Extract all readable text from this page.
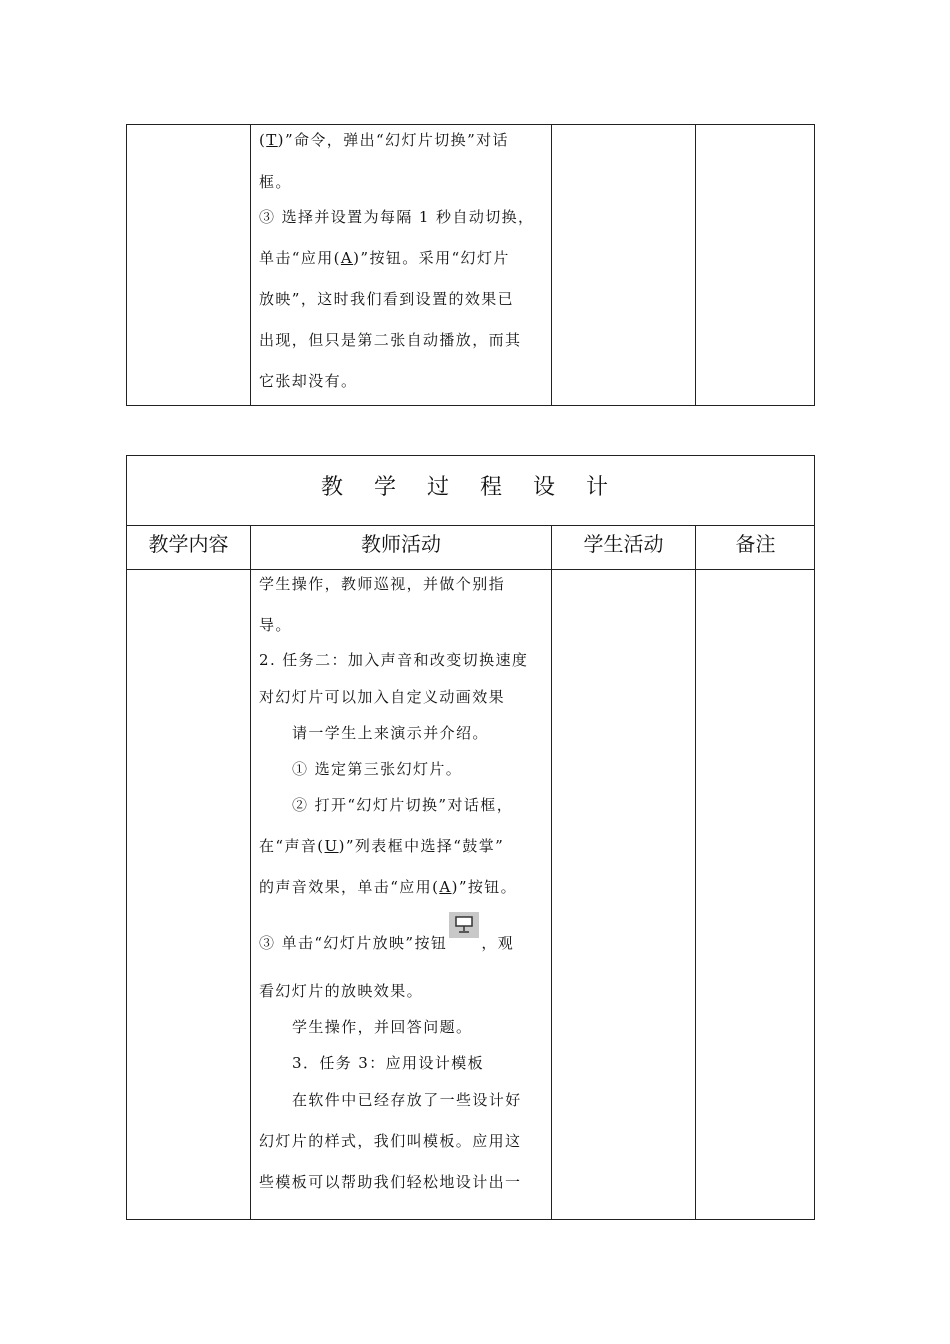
(T)”命令，弹出“幻灯片切换”对话
框。
③ 选择并设置为每隔 1 秒自动切换，
单击“应用(A)”按钮。采用“幻灯片
放映”，这时我们看到设置的效果已
出现，但只是第二张自动播放，而其
它张却没有。
教 学 过 程 设 计
教学内容	教师活动	学生活动	备注
学生操作，教师巡视，并做个别指
导。
2. 任务二：加入声音和改变切换速度
对幻灯片可以加入自定义动画效果
请一学生上来演示并介绍。
① 选定第三张幻灯片。
② 打开“幻灯片切换”对话框，
在“声音(U)”列表框中选择“鼓掌”
的声音效果，单击“应用(A)”按钮。
③ 单击“幻灯片放映”按钮 ，观
看幻灯片的放映效果。
学生操作，并回答问题。
3．任务 3：应用设计模板
在软件中已经存放了一些设计好
幻灯片的样式，我们叫模板。应用这
些模板可以帮助我们轻松地设计出一
